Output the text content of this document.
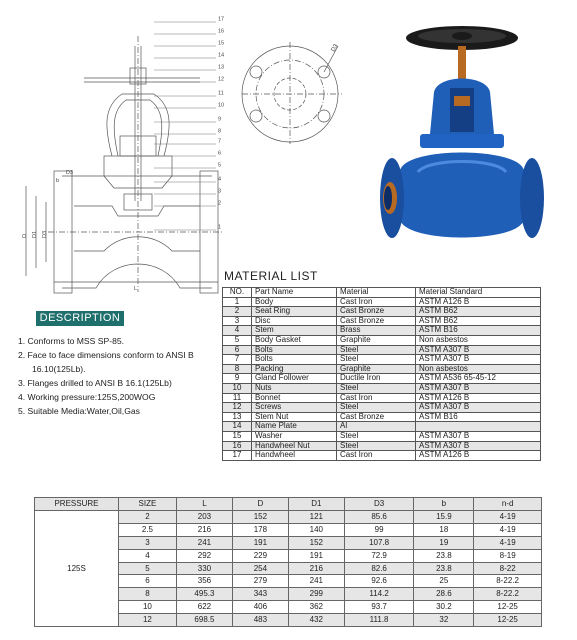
17
16
15
14
13
12
11
10
9
8
7
6
5
4
3
2
1
D3
b
D D1 D3
L
D3
MATERIAL LIST
NO.	Part Name	Material	Material Standard
1	Body	Cast Iron	ASTM A126 B
2	Seat Ring	Cast Bronze	ASTM B62
3	Disc	Cast Bronze	ASTM B62
4	Stem	Brass	ASTM B16
5	Body Gasket	Graphite	Non asbestos
6	Bolts	Steel	ASTM A307 B
7	Bolts	Steel	ASTM A307 B
8	Packing	Graphite	Non asbestos
9	Gland Follower	Ductile Iron	ASTM A536 65-45-12
10	Nuts	Steel	ASTM A307 B
11	Bonnet	Cast Iron	ASTM A126 B
12	Screws	Steel	ASTM A307 B
13	Stem Nut	Cast Bronze	ASTM B16
14	Name Plate	Al	
15	Washer	Steel	ASTM A307 B
16	Handwheel Nut	Steel	ASTM A307 B
17	Handwheel	Cast Iron	ASTM A126 B
DESCRIPTION
1. Conforms to MSS SP-85.
2. Face to face dimensions conform to ANSI B 16.10(125Lb).
3. Flanges drilled to ANSI B 16.1(125Lb)
4. Working pressure:125S,200WOG
5. Suitable Media:Water,Oil,Gas
PRESSURE	SIZE	L	D	D1	D3	b	n-d
125S	2	203	152	121	85.6	15.9	4-19
	2.5	216	178	140	99	18	4-19
	3	241	191	152	107.8	19	4-19
	4	292	229	191	72.9	23.8	8-19
	5	330	254	216	82.6	23.8	8-22
	6	356	279	241	92.6	25	8-22.2
	8	495.3	343	299	114.2	28.6	8-22.2
	10	622	406	362	93.7	30.2	12-25
	12	698.5	483	432	111.8	32	12-25
